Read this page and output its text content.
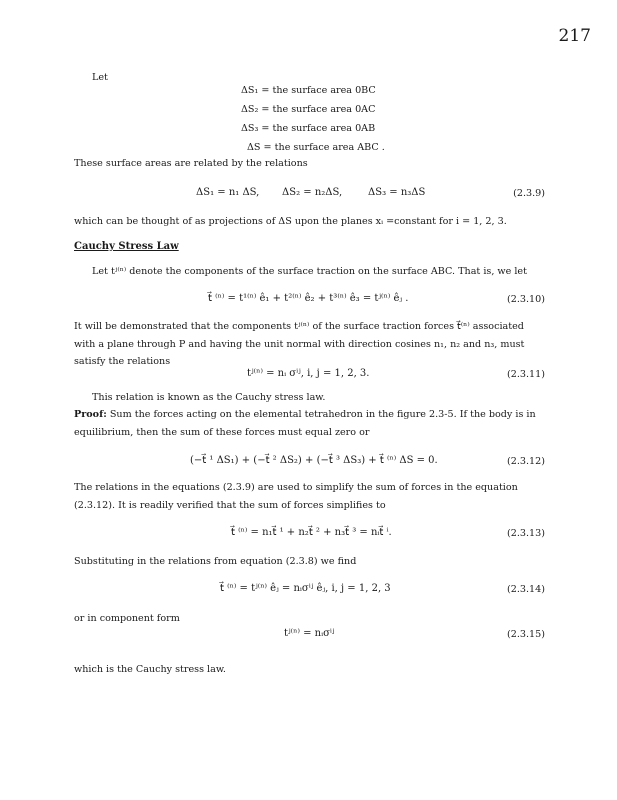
217
Let
ΔS₁ = the surface area 0BC
ΔS₂ = the surface area 0AC
ΔS₃ = the surface area 0AB
ΔS = the surface area ABC .
These surface areas are related by the relations
ΔS₁ = n₁ ΔS, ΔS₂ = n₂ΔS,	ΔS₃ = n₃ΔS	(2.3.9)
which can be thought of as projections of ΔS upon the planes xᵢ =constant for i = 1, 2, 3.
Cauchy Stress Law
Let tʲ⁽ⁿ⁾ denote the components of the surface traction on the surface ABC. That is, we let
t⃗ ⁽ⁿ⁾ = t¹⁽ⁿ⁾ ê₁ + t²⁽ⁿ⁾ ê₂ + t³⁽ⁿ⁾ ê₃ = tʲ⁽ⁿ⁾ êⱼ .	(2.3.10)
It will be demonstrated that the components tʲ⁽ⁿ⁾ of the surface traction forces t⃗⁽ⁿ⁾ associated with a plane through P and having the unit normal with direction cosines n₁, n₂ and n₃, must satisfy the relations
tʲ⁽ⁿ⁾ = nᵢ σⁱʲ, i, j = 1, 2, 3.	(2.3.11)
This relation is known as the Cauchy stress law.
Proof: Sum the forces acting on the elemental tetrahedron in the figure 2.3-5. If the body is in equilibrium, then the sum of these forces must equal zero or
(−t⃗ ¹ ΔS₁) + (−t⃗ ² ΔS₂) + (−t⃗ ³ ΔS₃) + t⃗ ⁽ⁿ⁾ ΔS = 0.	(2.3.12)
The relations in the equations (2.3.9) are used to simplify the sum of forces in the equation (2.3.12). It is readily verified that the sum of forces simplifies to
t⃗ ⁽ⁿ⁾ = n₁t⃗ ¹ + n₂t⃗ ² + n₃t⃗ ³ = nᵢt⃗ ⁱ.	(2.3.13)
Substituting in the relations from equation (2.3.8) we find
t⃗ ⁽ⁿ⁾ = tʲ⁽ⁿ⁾ êⱼ = nᵢσⁱʲ êⱼ, i, j = 1, 2, 3	(2.3.14)
or in component form
tʲ⁽ⁿ⁾ = nᵢσⁱʲ	(2.3.15)
which is the Cauchy stress law.
